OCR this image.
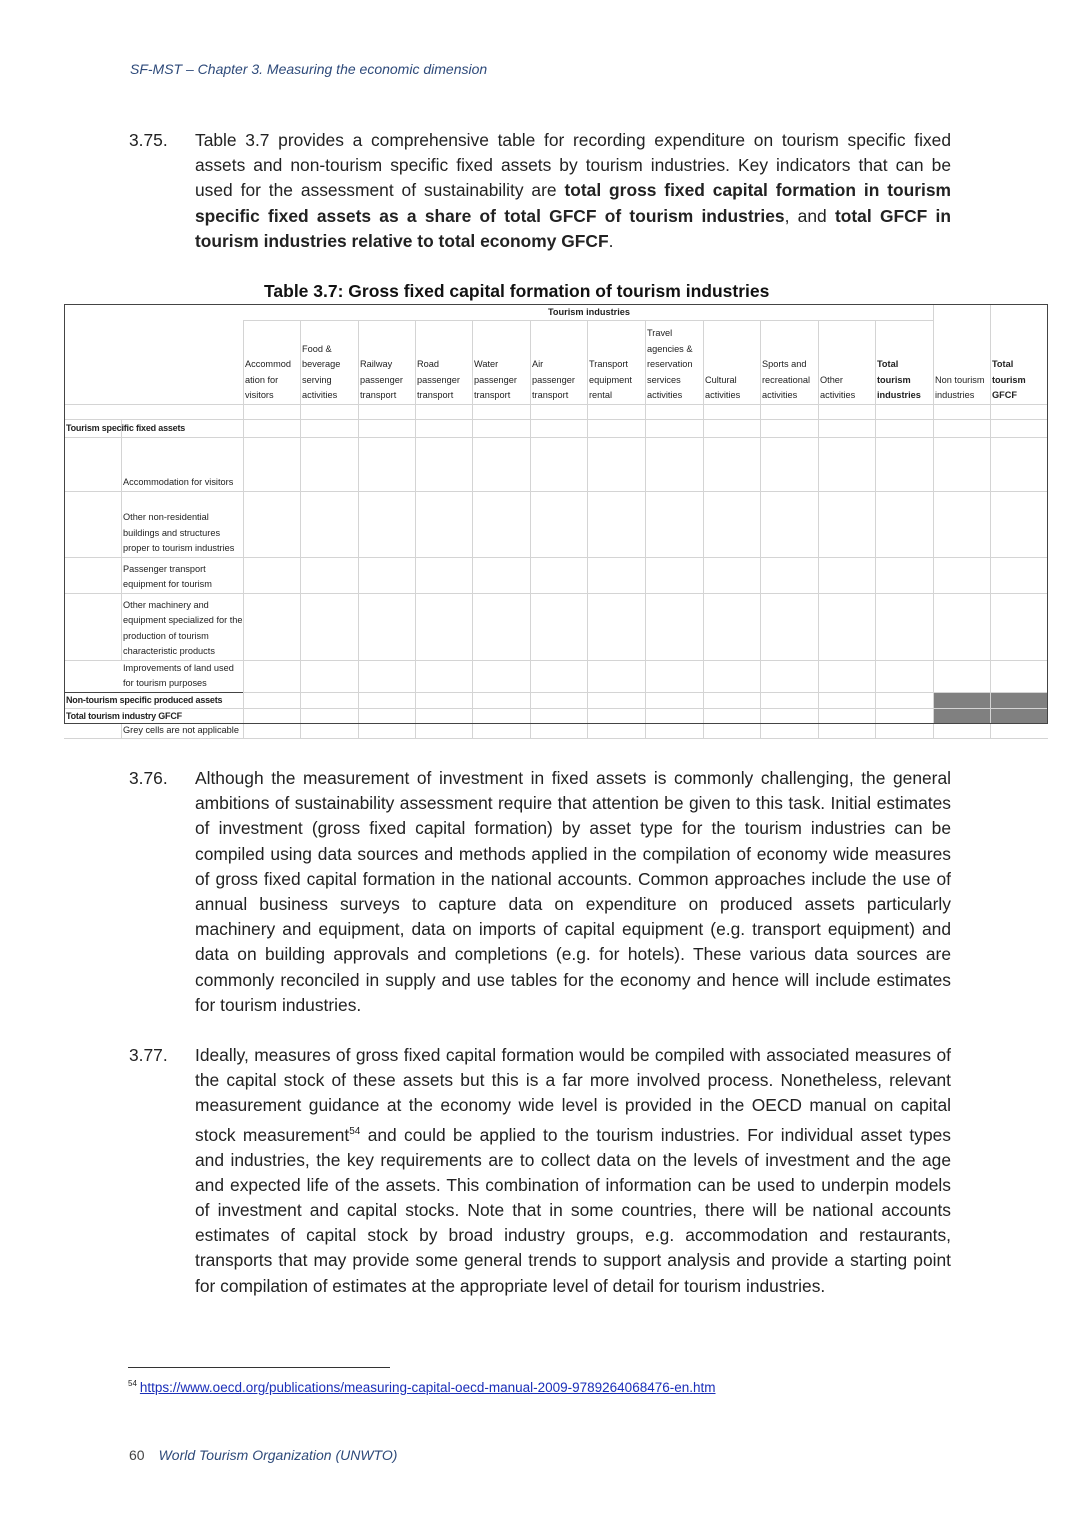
SF-MST – Chapter 3. Measuring the economic dimension
3.75. Table 3.7 provides a comprehensive table for recording expenditure on tourism specific fixed assets and non-tourism specific fixed assets by tourism industries. Key indicators that can be used for the assessment of sustainability are total gross fixed capital formation in tourism specific fixed assets as a share of total GFCF of tourism industries, and total GFCF in tourism industries relative to total economy GFCF.
Table 3.7: Gross fixed capital formation of tourism industries
Tourism industries
Accommod ation for visitors
Food & beverage serving activities
Railway passenger transport
Road passenger transport
Water passenger transport
Air passenger transport
Transport equipment rental
Travel agencies & reservation services activities
Cultural activities
Sports and recreational activities
Other activities
Total tourism industries
Non tourism industries
Total tourism GFCF
Tourism specific fixed assets
Accommodation for visitors
Other non-residential buildings and structures proper to tourism industries
Passenger transport equipment for tourism
Other machinery and equipment specialized for the production of tourism characteristic products
Improvements of land used for tourism purposes
Non-tourism specific produced assets
Total tourism industry GFCF
Grey cells are not applicable
3.76. Although the measurement of investment in fixed assets is commonly challenging, the general ambitions of sustainability assessment require that attention be given to this task. Initial estimates of investment (gross fixed capital formation) by asset type for the tourism industries can be compiled using data sources and methods applied in the compilation of economy wide measures of gross fixed capital formation in the national accounts. Common approaches include the use of annual business surveys to capture data on expenditure on produced assets particularly machinery and equipment, data on imports of capital equipment (e.g. transport equipment) and data on building approvals and completions (e.g. for hotels). These various data sources are commonly reconciled in supply and use tables for the economy and hence will include estimates for tourism industries.
3.77. Ideally, measures of gross fixed capital formation would be compiled with associated measures of the capital stock of these assets but this is a far more involved process. Nonetheless, relevant measurement guidance at the economy wide level is provided in the OECD manual on capital stock measurement$^{54}$ and could be applied to the tourism industries. For individual asset types and industries, the key requirements are to collect data on the levels of investment and the age and expected life of the assets. This combination of information can be used to underpin models of investment and capital stocks. Note that in some countries, there will be national accounts estimates of capital stock by broad industry groups, e.g. accommodation and restaurants, transports that may provide some general trends to support analysis and provide a starting point for compilation of estimates at the appropriate level of detail for tourism industries.
$^{54}$ https://www.oecd.org/publications/measuring-capital-oecd-manual-2009-9789264068476-en.htm
60 World Tourism Organization (UNWTO)
